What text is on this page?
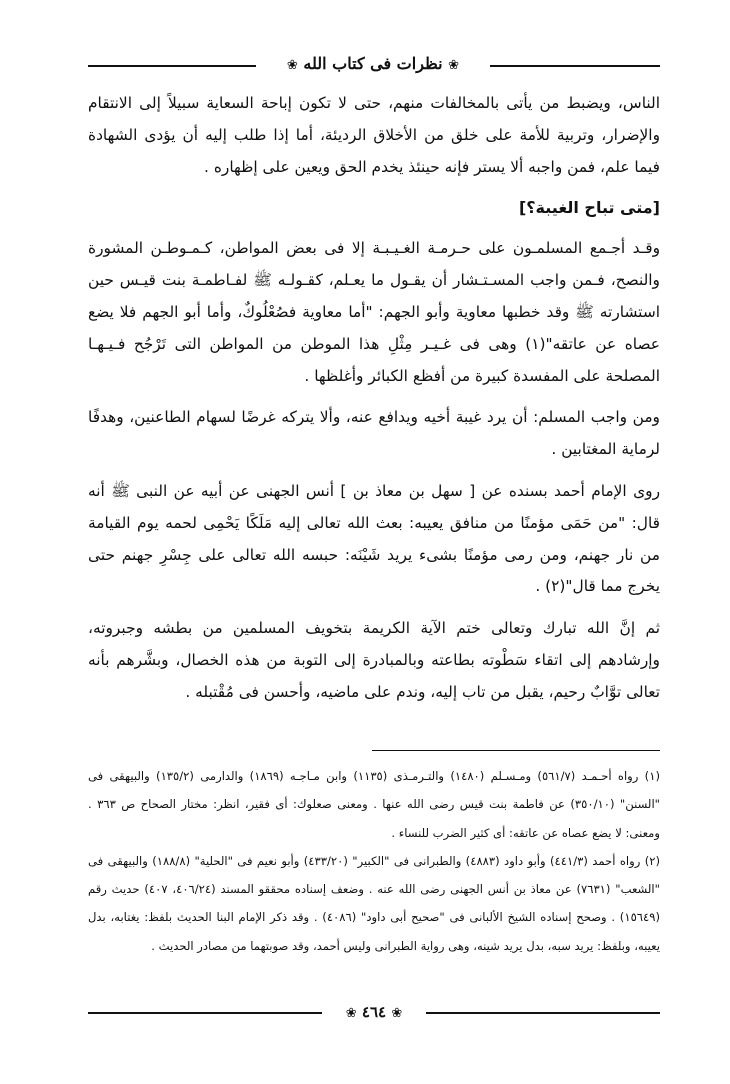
❀ نظرات فى كتاب الله ❀

الناس، ويضبط من يأتى بالمخالفات منهم، حتى لا تكون إباحة السعاية سبيلاً إلى الانتقام والإضرار، وتربية للأمة على خلق من الأخلاق الرديئة، أما إذا طلب إليه أن يؤدى الشهادة فيما علم، فمن واجبه ألا يستر فإنه حينئذ يخدم الحق ويعين على إظهاره .

[متى تباح الغيبة؟]

وقـد أجـمع المسلمـون على حـرمـة الغـيـبـة إلا فى بعض المواطن، كـمـوطـن المشورة والنصح، فـمن واجب المسـتـشار أن يقـول ما يعـلم، كقـولـه ﷺ لفـاطمـة بنت قيـس حين استشارته ﷺ وقد خطبها معاوية وأبو الجهم: "أما معاوية فصُعْلُوكٌ، وأما أبو الجهم فلا يضع عصاه عن عاتقه"(١) وهى فى غـيـر مِثْلِ هذا الموطن من المواطن التى تَرْجُح فـيـهـا المصلحة على المفسدة كبيرة من أفظع الكبائر وأغلظها .

ومن واجب المسلم: أن يرد غيبة أخيه ويدافع عنه، وألا يتركه غرضًا لسهام الطاعنين، وهدفًا لرماية المغتابين .

روى الإمام أحمد بسنده عن [ سهل بن معاذ بن ] أنس الجهنى عن أبيه عن النبى ﷺ أنه قال: "من حَمَى مؤمنًا من منافق يعيبه: بعث الله تعالى إليه مَلَكًا يَحْمِى لحمه يوم القيامة من نار جهنم، ومن رمى مؤمنًا بشىء يريد شَيْنَه: حبسه الله تعالى على جِسْرِ جهنم حتى يخرج مما قال"(٢) .

ثم إنَّ الله تبارك وتعالى ختم الآية الكريمة بتخويف المسلمين من بطشه وجبروته، وإرشادهم إلى اتقاء سَطْوته بطاعته وبالمبادرة إلى التوبة من هذه الخصال، وبشَّرهم بأنه تعالى توَّابٌ رحيم، يقبل من تاب إليه، وندم على ماضيه، وأحسن فى مُقْتبله .

(١) رواه أحـمـد (٥٦١/٧) ومـسـلم (١٤٨٠) والتـرمـذى (١١٣٥) وابن مـاجـه (١٨٦٩) والدارمى (١٣٥/٢) والبيهقى فى "السنن" (٣٥٠/١٠) عن فاطمة بنت قيس رضى الله عنها . ومعنى صعلوك: أى فقير، انظر: مختار الصحاح ص ٣٦٣ . ومعنى: لا يضع عصاه عن عاتقه: أى كثير الضرب للنساء .

(٢) رواه أحمد (٤٤١/٣) وأبو داود (٤٨٨٣) والطبرانى فى "الكبير" (٤٣٣/٢٠) وأبو نعيم فى "الحلية" (١٨٨/٨) والبيهقى فى "الشعب" (٧٦٣١) عن معاذ بن أنس الجهنى رضى الله عنه . وضعف إسناده محققو المسند (٤٠٦/٢٤، ٤٠٧) حديث رقم (١٥٦٤٩) . وصحح إسناده الشيخ الألبانى فى "صحيح أبى داود" (٤٠٨٦) . وقد ذكر الإمام البنا الحديث بلفظ: يغتابه، بدل يعيبه، وبلفظ: يريد سبه، بدل يريد شينه، وهى رواية الطبرانى وليس أحمد، وقد صوبتهما من مصادر الحديث .

❀ ٤٦٤ ❀
